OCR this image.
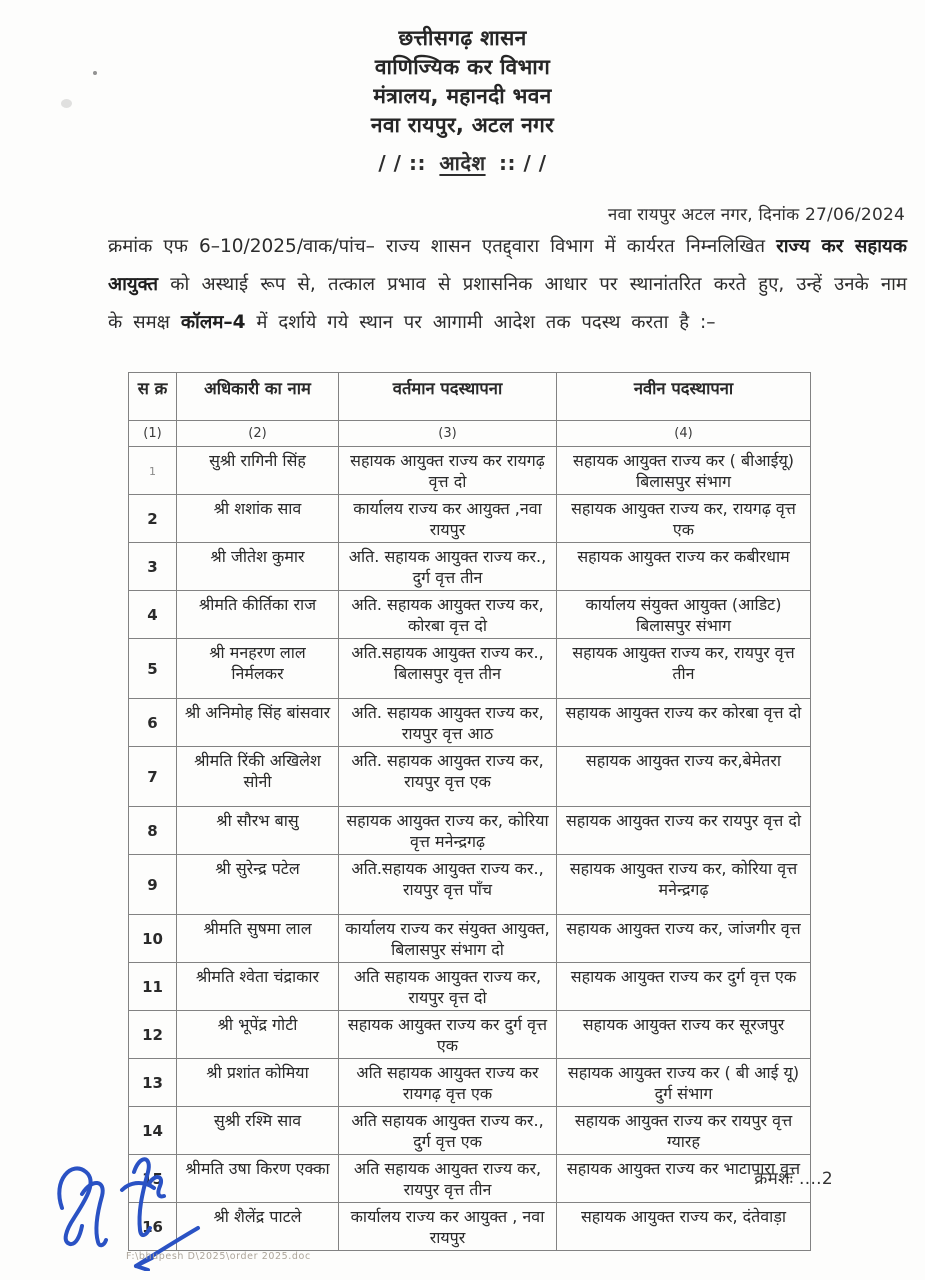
छत्तीसगढ़ शासन
वाणिज्यिक कर विभाग
मंत्रालय, महानदी भवन
नवा रायपुर, अटल नगर
/ / :: आदेश :: / /
नवा रायपुर अटल नगर, दिनांक 27/06/2024

क्रमांक एफ 6–10/2025/वाक/पांच– राज्य शासन एतद्द्वारा विभाग में कार्यरत निम्नलिखित राज्य कर सहायक आयुक्त को अस्थाई रूप से, तत्काल प्रभाव से प्रशासनिक आधार पर स्थानांतरित करते हुए, उन्हें उनके नाम के समक्ष कॉलम–4 में दर्शाये गये स्थान पर आगामी आदेश तक पदस्थ करता है :–

स क्र	अधिकारी का नाम	वर्तमान पदस्थापना	नवीन पदस्थापना
(1)	(2)	(3)	(4)
1	सुश्री रागिनी सिंह	सहायक आयुक्त राज्य कर रायगढ़ वृत्त दो	सहायक आयुक्त राज्य कर ( बीआईयू) बिलासपुर संभाग
2	श्री शशांक साव	कार्यालय राज्य कर आयुक्त ,नवा रायपुर	सहायक आयुक्त राज्य कर, रायगढ़ वृत्त एक
3	श्री जीतेश कुमार	अति. सहायक आयुक्त राज्य कर., दुर्ग वृत्त तीन	सहायक आयुक्त राज्य कर कबीरधाम
4	श्रीमति कीर्तिका राज	अति. सहायक आयुक्त राज्य कर, कोरबा वृत्त दो	कार्यालय संयुक्त आयुक्त (आडिट) बिलासपुर संभाग
5	श्री मनहरण लाल निर्मलकर	अति.सहायक आयुक्त राज्य कर., बिलासपुर वृत्त तीन	सहायक आयुक्त राज्य कर, रायपुर वृत्त तीन
6	श्री अनिमोह सिंह बांसवार	अति. सहायक आयुक्त राज्य कर, रायपुर वृत्त आठ	सहायक आयुक्त राज्य कर कोरबा वृत्त दो
7	श्रीमति रिंकी अखिलेश सोनी	अति. सहायक आयुक्त राज्य कर, रायपुर वृत्त एक	सहायक आयुक्त राज्य कर,बेमेतरा
8	श्री सौरभ बासु	सहायक आयुक्त राज्य कर, कोरिया वृत्त मनेन्द्रगढ़	सहायक आयुक्त राज्य कर रायपुर वृत्त दो
9	श्री सुरेन्द्र पटेल	अति.सहायक आयुक्त राज्य कर., रायपुर वृत्त पाँच	सहायक आयुक्त राज्य कर, कोरिया वृत्त मनेन्द्रगढ़
10	श्रीमति सुषमा लाल	कार्यालय राज्य कर संयुक्त आयुक्त, बिलासपुर संभाग दो	सहायक आयुक्त राज्य कर, जांजगीर वृत्त
11	श्रीमति श्वेता चंद्राकार	अति सहायक आयुक्त राज्य कर, रायपुर वृत्त दो	सहायक आयुक्त राज्य कर दुर्ग वृत्त एक
12	श्री भूपेंद्र गोटी	सहायक आयुक्त राज्य कर दुर्ग वृत्त एक	सहायक आयुक्त राज्य कर सूरजपुर
13	श्री प्रशांत कोमिया	अति सहायक आयुक्त राज्य कर रायगढ़ वृत्त एक	सहायक आयुक्त राज्य कर ( बी आई यू) दुर्ग संभाग
14	सुश्री रश्मि साव	अति सहायक आयुक्त राज्य कर., दुर्ग वृत्त एक	सहायक आयुक्त राज्य कर रायपुर वृत्त ग्यारह
15	श्रीमति उषा किरण एक्का	अति सहायक आयुक्त राज्य कर, रायपुर वृत्त तीन	सहायक आयुक्त राज्य कर भाटापारा वृत्त
16	श्री शैलेंद्र पाटले	कार्यालय राज्य कर आयुक्त , नवा रायपुर	सहायक आयुक्त राज्य कर, दंतेवाड़ा
क्रमशः ....2
F:\bhupesh D\2025\order 2025.doc
